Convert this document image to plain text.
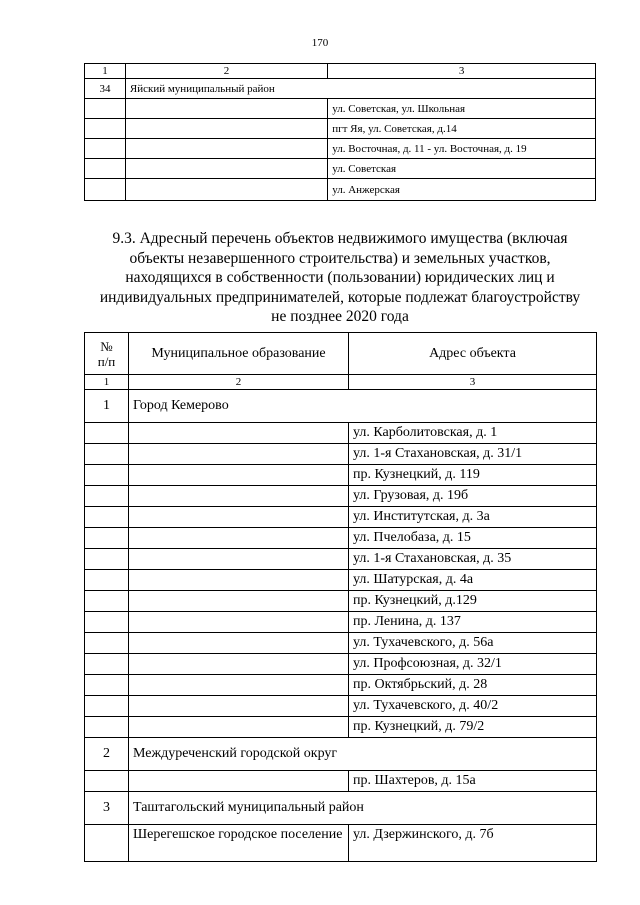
170
1	2	3
34	Яйский муниципальный район	
		ул. Советская, ул. Школьная
		пгт Яя, ул. Советская, д.14
		ул. Восточная, д. 11 - ул. Восточная, д. 19
		ул. Советская
		ул. Анжерская
9.3. Адресный перечень объектов недвижимого имущества (включая
объекты незавершенного строительства) и земельных участков,
находящихся в собственности (пользовании) юридических лиц и
индивидуальных предпринимателей, которые подлежат благоустройству
не позднее 2020 года
№
п/п	Муниципальное образование	Адрес объекта
1	2	3
1	Город Кемерово	
		ул. Карболитовская, д. 1
		ул. 1-я Стахановская, д. 31/1
		пр. Кузнецкий, д. 119
		ул. Грузовая, д. 19б
		ул. Институтская, д. 3а
		ул. Пчелобаза, д. 15
		ул. 1-я Стахановская, д. 35
		ул. Шатурская, д. 4а
		пр. Кузнецкий, д.129
		пр. Ленина, д. 137
		ул. Тухачевского, д. 56а
		ул. Профсоюзная, д. 32/1
		пр. Октябрьский, д. 28
		ул. Тухачевского, д. 40/2
		пр. Кузнецкий, д. 79/2
2	Междуреченский городской округ	
		пр. Шахтеров, д. 15а
3	Таштагольский муниципальный район	
	Шерегешское городское поселение	ул. Дзержинского, д. 7б
